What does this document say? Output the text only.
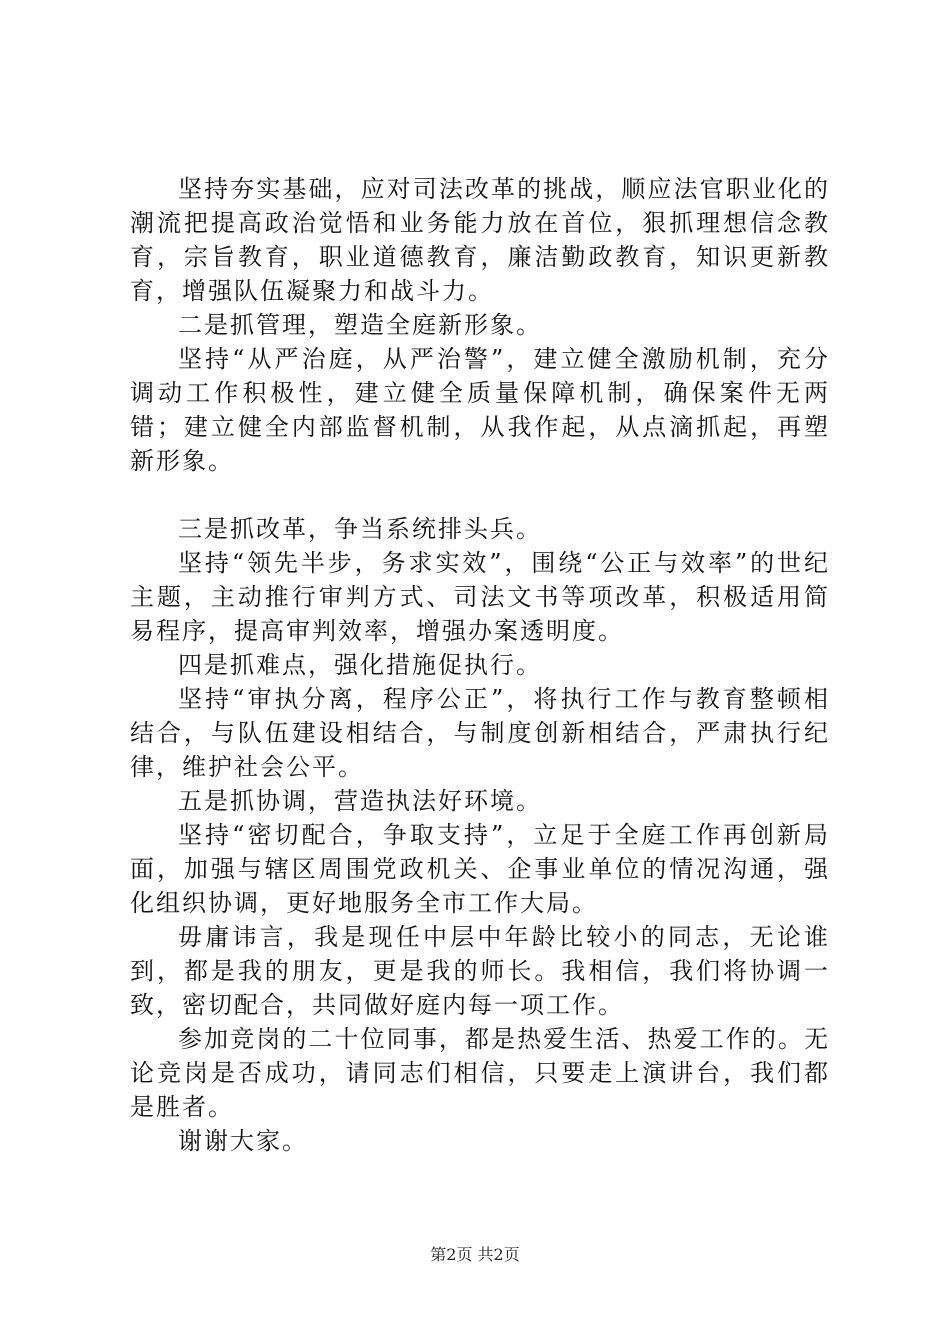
坚持夯实基础，应对司法改革的挑战，顺应法官职业化的潮流把提高政治觉悟和业务能力放在首位，狠抓理想信念教育，宗旨教育，职业道德教育，廉洁勤政教育，知识更新教育，增强队伍凝聚力和战斗力。

二是抓管理，塑造全庭新形象。

坚持“从严治庭，从严治警”，建立健全激励机制，充分调动工作积极性，建立健全质量保障机制，确保案件无两错；建立健全内部监督机制，从我作起，从点滴抓起，再塑新形象。

三是抓改革，争当系统排头兵。

坚持“领先半步，务求实效”，围绕“公正与效率”的世纪主题，主动推行审判方式、司法文书等项改革，积极适用简易程序，提高审判效率，增强办案透明度。

四是抓难点，强化措施促执行。

坚持“审执分离，程序公正”，将执行工作与教育整顿相结合，与队伍建设相结合，与制度创新相结合，严肃执行纪律，维护社会公平。

五是抓协调，营造执法好环境。

坚持“密切配合，争取支持”，立足于全庭工作再创新局面，加强与辖区周围党政机关、企事业单位的情况沟通，强化组织协调，更好地服务全市工作大局。

毋庸讳言，我是现任中层中年龄比较小的同志，无论谁到，都是我的朋友，更是我的师长。我相信，我们将协调一致，密切配合，共同做好庭内每一项工作。

参加竞岗的二十位同事，都是热爱生活、热爱工作的。无论竞岗是否成功，请同志们相信，只要走上演讲台，我们都是胜者。

谢谢大家。

第2页 共2页
